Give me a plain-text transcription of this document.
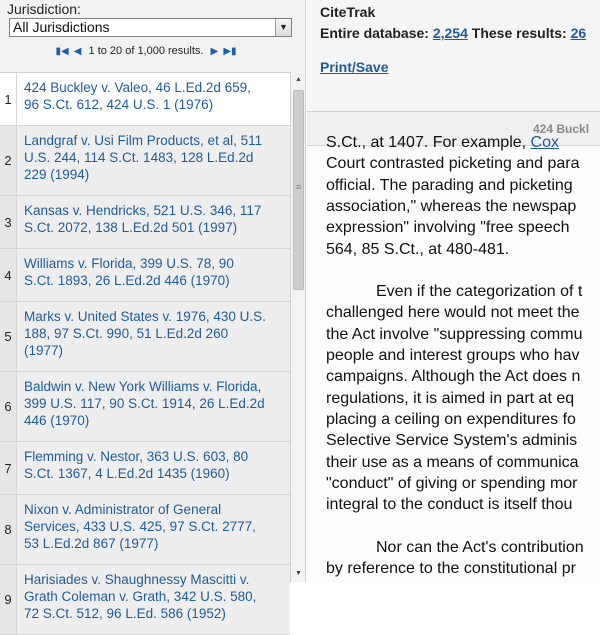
Jurisdiction:
All Jurisdictions	▼
▮◀ ◀ 1 to 20 of 1,000 results. ▶ ▶▮
1
424 Buckley v. Valeo, 46 L.Ed.2d 659,
96 S.Ct. 612, 424 U.S. 1 (1976)
2
Landgraf v. Usi Film Products, et al, 511
U.S. 244, 114 S.Ct. 1483, 128 L.Ed.2d
229 (1994)
3
Kansas v. Hendricks, 521 U.S. 346, 117
S.Ct. 2072, 138 L.Ed.2d 501 (1997)
4
Williams v. Florida, 399 U.S. 78, 90
S.Ct. 1893, 26 L.Ed.2d 446 (1970)
5
Marks v. United States v. 1976, 430 U.S.
188, 97 S.Ct. 990, 51 L.Ed.2d 260
(1977)
6
Baldwin v. New York Williams v. Florida,
399 U.S. 117, 90 S.Ct. 1914, 26 L.Ed.2d
446 (1970)
7
Flemming v. Nestor, 363 U.S. 603, 80
S.Ct. 1367, 4 L.Ed.2d 1435 (1960)
8
Nixon v. Administrator of General
Services, 433 U.S. 425, 97 S.Ct. 2777,
53 L.Ed.2d 867 (1977)
9
Harisiades v. Shaughnessy Mascitti v.
Grath Coleman v. Grath, 342 U.S. 580,
72 S.Ct. 512, 96 L.Ed. 586 (1952)
▲
≡
▼
CiteTrak
Entire database: 2,254 These results: 26
Print/Save
424 Buckl
S.Ct., at 1407. For example, Cox
Court contrasted picketing and para
official. The parading and picketing
association," whereas the newspap
expression" involving "free speech
564, 85 S.Ct., at 480-481.
Even if the categorization of t
challenged here would not meet the
the Act involve "suppressing commu
people and interest groups who hav
campaigns. Although the Act does n
regulations, it is aimed in part at eq
placing a ceiling on expenditures fo
Selective Service System's adminis
their use as a means of communica
"conduct" of giving or spending mor
integral to the conduct is itself thou
Nor can the Act's contribution
by reference to the constitutional pr
